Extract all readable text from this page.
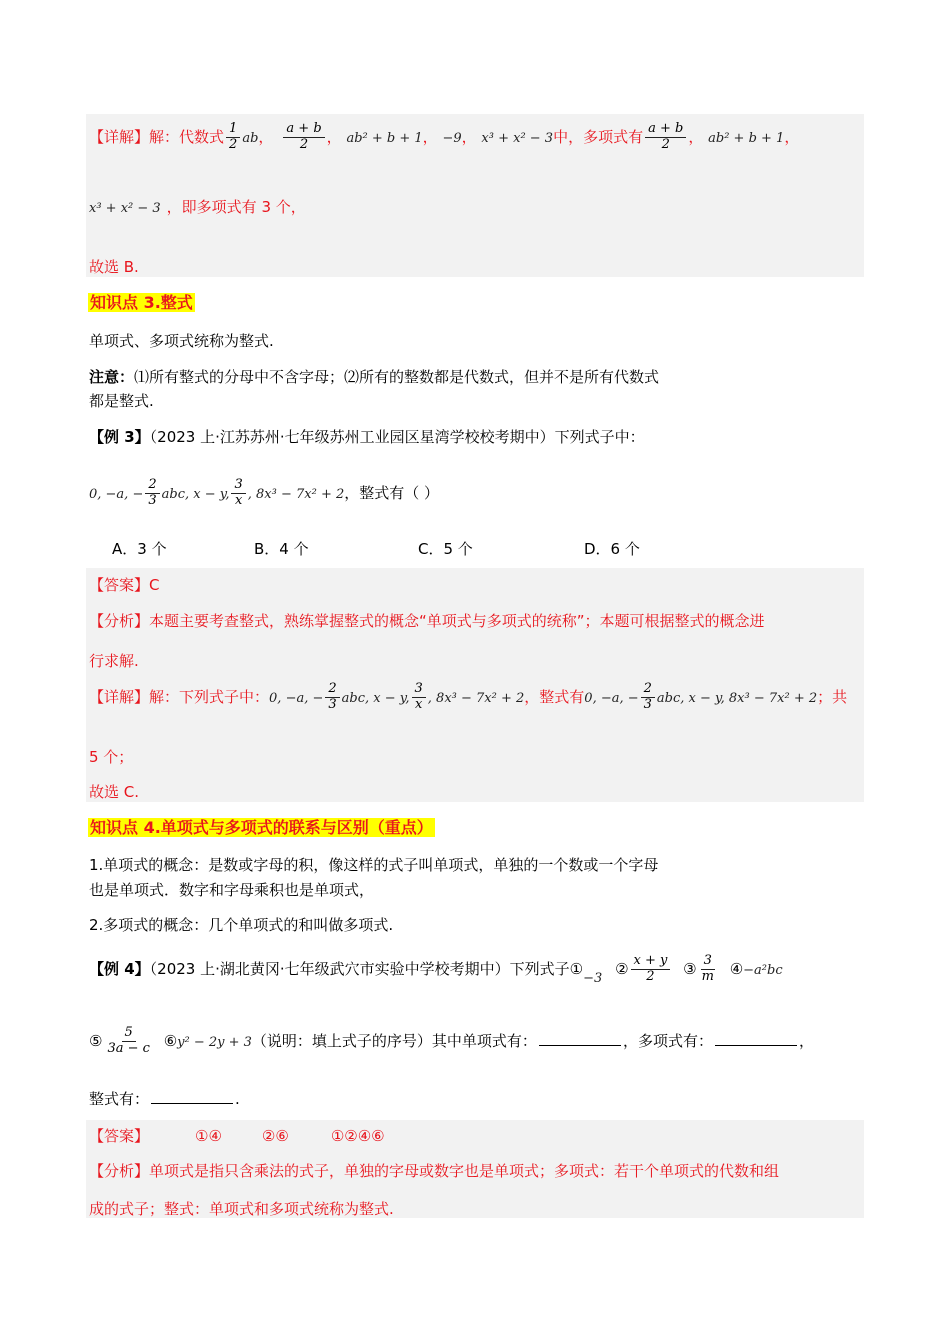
【详解】解：代数式 $\frac{1}{2}$ ab， $\frac{a + b}{2}$ ， ab² + b + 1， −9， x³ + x² − 3中，多项式有 $\frac{a + b}{2}$ ， ab² + b + 1，
x³ + x² − 3 ，即多项式有 3 个，
故选 B.
知识点 3.整式
单项式、多项式统称为整式.
注意：⑴所有整式的分母中不含字母；⑵所有的整数都是代数式，但并不是所有代数式
都是整式.
【例 3】（2023 上·江苏苏州·七年级苏州工业园区星湾学校校考期中）下列式子中：
0, −a, − $\frac{2}{3}$ abc, x − y, $\frac{3}{x}$ , 8x³ − 7x² + 2，整式有（ ）
A．3 个	B．4 个	C．5 个	D．6 个
【答案】C
【分析】本题主要考查整式，熟练掌握整式的概念“单项式与多项式的统称”；本题可根据整式的概念进
行求解.
【详解】解：下列式子中：0, −a, − $\frac{2}{3}$ abc, x − y, $\frac{3}{x}$ , 8x³ − 7x² + 2，整式有0, −a, − $\frac{2}{3}$ abc, x − y, 8x³ − 7x² + 2；共
5 个；
故选 C.
知识点 4.单项式与多项式的联系与区别（重点）
1.单项式的概念：是数或字母的积，像这样的式子叫单项式，单独的一个数或一个字母
也是单项式．数字和字母乘积也是单项式，
2.多项式的概念：几个单项式的和叫做多项式.
【例 4】（2023 上·湖北黄冈·七年级武穴市实验中学校考期中）下列式子①−3 ② $\frac{x + y}{2}$ ③ $\frac{3}{m}$ ④−a²bc
⑤ $\frac{5}{3a - c}$ ⑥y² − 2y + 3（说明：填上式子的序号）其中单项式有：	，多项式有：	，
整式有：	.
【答案】	①④	②⑥	①②④⑥
【分析】单项式是指只含乘法的式子，单独的字母或数字也是单项式；多项式：若干个单项式的代数和组
成的式子；整式：单项式和多项式统称为整式.
